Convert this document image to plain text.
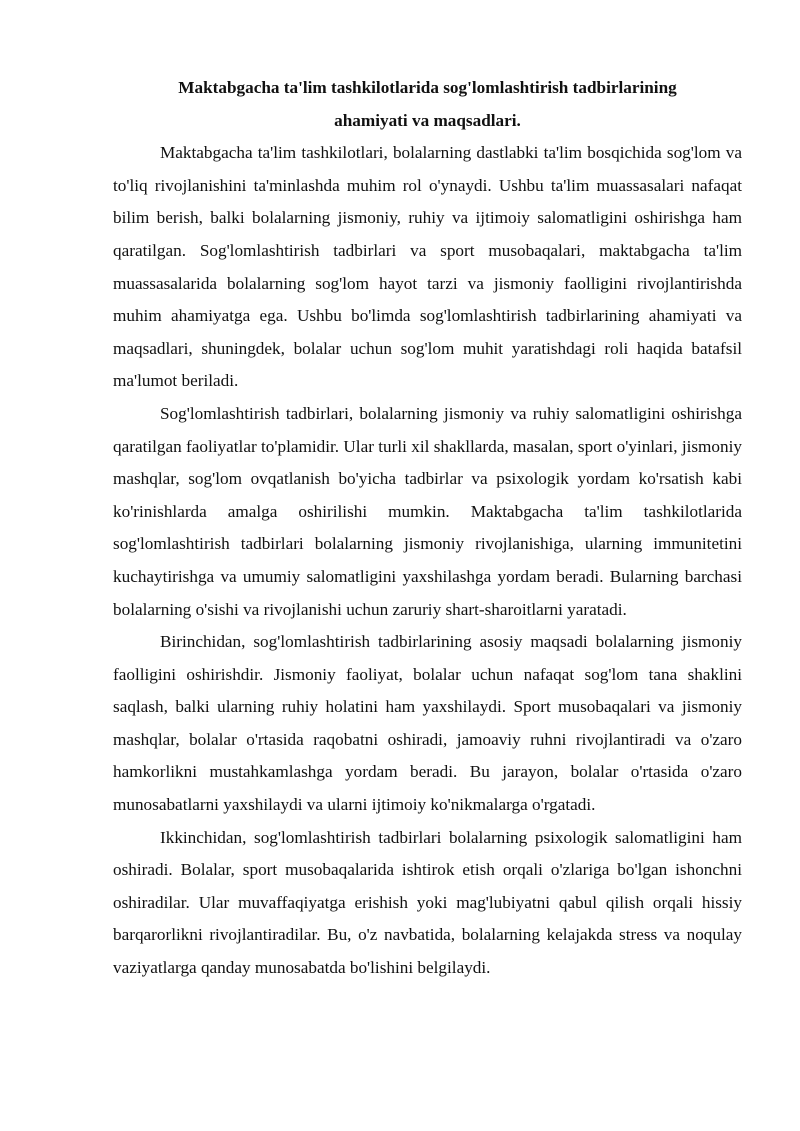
Maktabgacha ta'lim tashkilotlarida sog'lomlashtirish tadbirlarining
ahamiyati va maqsadlari.

Maktabgacha ta'lim tashkilotlari, bolalarning dastlabki ta'lim bosqichida sog'lom va to'liq rivojlanishini ta'minlashda muhim rol o'ynaydi. Ushbu ta'lim muassasalari nafaqat bilim berish, balki bolalarning jismoniy, ruhiy va ijtimoiy salomatligini oshirishga ham qaratilgan. Sog'lomlashtirish tadbirlari va sport musobaqalari, maktabgacha ta'lim muassasalarida bolalarning sog'lom hayot tarzi va jismoniy faolligini rivojlantirishda muhim ahamiyatga ega. Ushbu bo'limda sog'lomlashtirish tadbirlarining ahamiyati va maqsadlari, shuningdek, bolalar uchun sog'lom muhit yaratishdagi roli haqida batafsil ma'lumot beriladi.

Sog'lomlashtirish tadbirlari, bolalarning jismoniy va ruhiy salomatligini oshirishga qaratilgan faoliyatlar to'plamidir. Ular turli xil shakllarda, masalan, sport o'yinlari, jismoniy mashqlar, sog'lom ovqatlanish bo'yicha tadbirlar va psixologik yordam ko'rsatish kabi ko'rinishlarda amalga oshirilishi mumkin. Maktabgacha ta'lim tashkilotlarida sog'lomlashtirish tadbirlari bolalarning jismoniy rivojlanishiga, ularning immunitetini kuchaytirishga va umumiy salomatligini yaxshilashga yordam beradi. Bularning barchasi bolalarning o'sishi va rivojlanishi uchun zaruriy shart-sharoitlarni yaratadi.

Birinchidan, sog'lomlashtirish tadbirlarining asosiy maqsadi bolalarning jismoniy faolligini oshirishdir. Jismoniy faoliyat, bolalar uchun nafaqat sog'lom tana shaklini saqlash, balki ularning ruhiy holatini ham yaxshilaydi. Sport musobaqalari va jismoniy mashqlar, bolalar o'rtasida raqobatni oshiradi, jamoaviy ruhni rivojlantiradi va o'zaro hamkorlikni mustahkamlashga yordam beradi. Bu jarayon, bolalar o'rtasida o'zaro munosabatlarni yaxshilaydi va ularni ijtimoiy ko'nikmalarga o'rgatadi.

Ikkinchidan, sog'lomlashtirish tadbirlari bolalarning psixologik salomatligini ham oshiradi. Bolalar, sport musobaqalarida ishtirok etish orqali o'zlariga bo'lgan ishonchni oshiradilar. Ular muvaffaqiyatga erishish yoki mag'lubiyatni qabul qilish orqali hissiy barqarorlikni rivojlantiradilar. Bu, o'z navbatida, bolalarning kelajakda stress va noqulay vaziyatlarga qanday munosabatda bo'lishini belgilaydi.
